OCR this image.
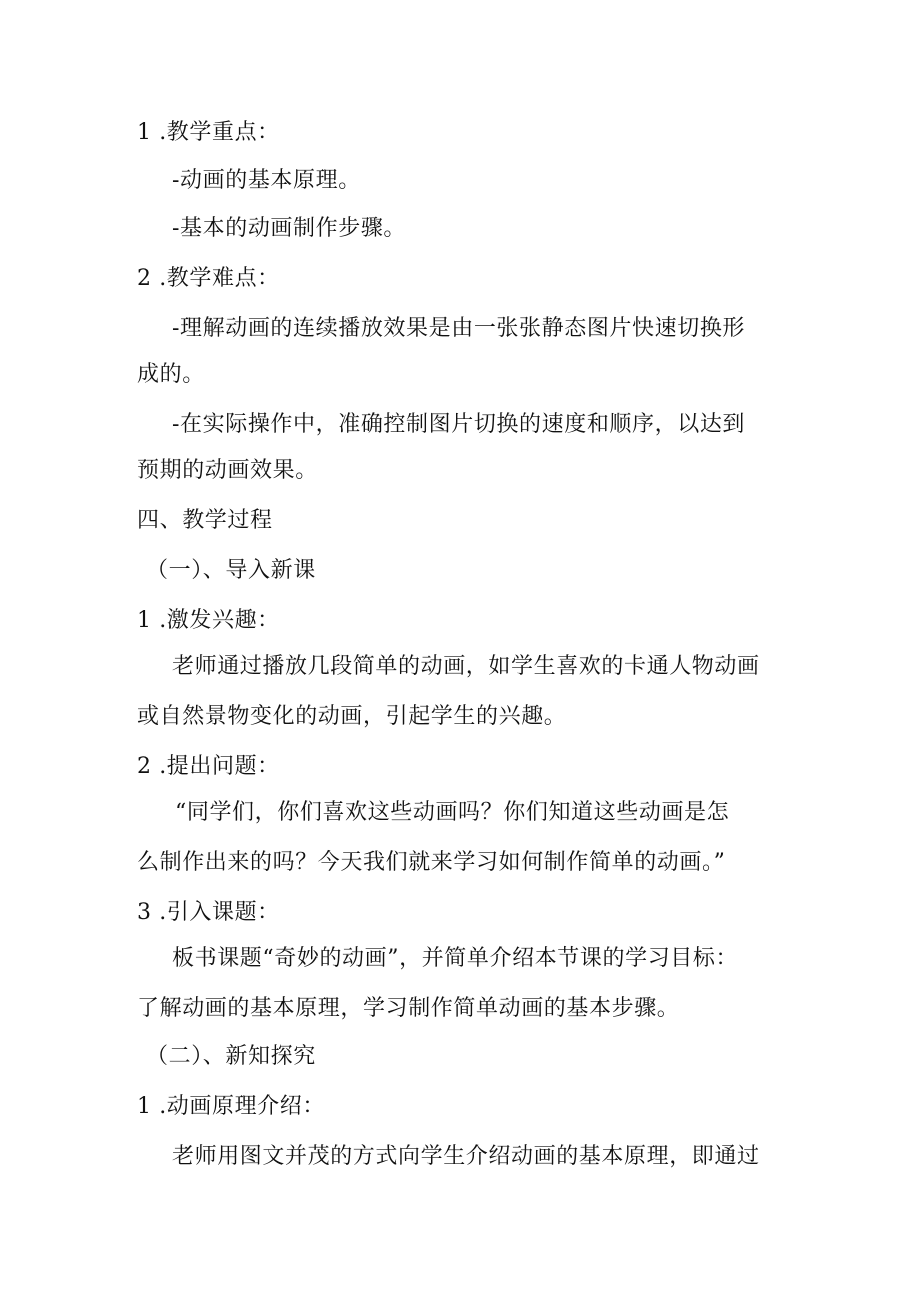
1 .教学重点：
-动画的基本原理。
-基本的动画制作步骤。
2 .教学难点：
-理解动画的连续播放效果是由一张张静态图片快速切换形
成的。
-在实际操作中，准确控制图片切换的速度和顺序，以达到
预期的动画效果。
四、教学过程
（一）、导入新课
1 .激发兴趣：
老师通过播放几段简单的动画，如学生喜欢的卡通人物动画
或自然景物变化的动画，引起学生的兴趣。
2 .提出问题：
“同学们，你们喜欢这些动画吗？你们知道这些动画是怎
么制作出来的吗？今天我们就来学习如何制作简单的动画。”
3 .引入课题：
板书课题“奇妙的动画”，并简单介绍本节课的学习目标：
了解动画的基本原理，学习制作简单动画的基本步骤。
（二）、新知探究
1 .动画原理介绍：
老师用图文并茂的方式向学生介绍动画的基本原理，即通过
